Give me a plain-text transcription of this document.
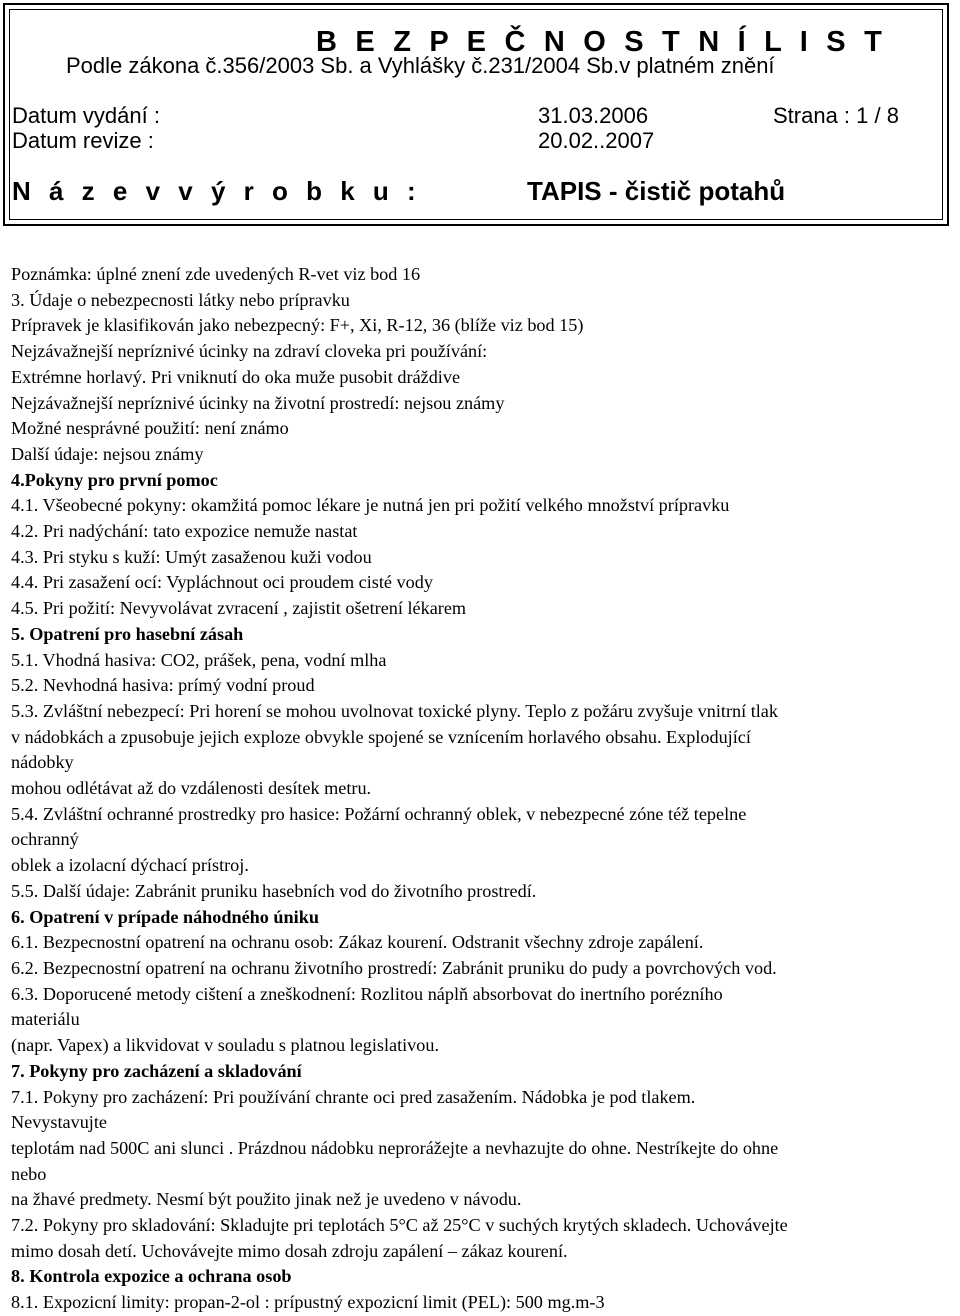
B E Z P E Č N O S T N Í L I S T
Podle zákona č.356/2003 Sb. a Vyhlášky č.231/2004 Sb.v platném znění
Datum vydání :	31.03.2006	Strana : 1 / 8
Datum revize :	20.02..2007
N á z e v v ý r o b k u :	TAPIS - čistič potahů
Poznámka: úplné znení zde uvedených R-vet viz bod 16
3. Údaje o nebezpecnosti látky nebo prípravku
Prípravek je klasifikován jako nebezpecný: F+, Xi, R-12, 36 (blíže viz bod 15)
Nejzávažnejší nepríznivé úcinky na zdraví cloveka pri používání:
Extrémne horlavý. Pri vniknutí do oka muže pusobit dráždive
Nejzávažnejší nepríznivé úcinky na životní prostredí: nejsou známy
Možné nesprávné použití: není známo
Další údaje: nejsou známy
4.Pokyny pro první pomoc
4.1. Všeobecné pokyny: okamžitá pomoc lékare je nutná jen pri požití velkého množství prípravku
4.2. Pri nadýchání: tato expozice nemuže nastat
4.3. Pri styku s kuží: Umýt zasaženou kuži vodou
4.4. Pri zasažení ocí: Vypláchnout oci proudem cisté vody
4.5. Pri požití: Nevyvolávat zvracení , zajistit ošetrení lékarem
5. Opatrení pro hasební zásah
5.1. Vhodná hasiva: CO2, prášek, pena, vodní mlha
5.2. Nevhodná hasiva: prímý vodní proud
5.3. Zvláštní nebezpecí: Pri horení se mohou uvolnovat toxické plyny. Teplo z požáru zvyšuje vnitrní tlak
v nádobkách a zpusobuje jejich exploze obvykle spojené se vznícením horlavého obsahu. Explodující
nádobky
mohou odlétávat až do vzdálenosti desítek metru.
5.4. Zvláštní ochranné prostredky pro hasice: Požární ochranný oblek, v nebezpecné zóne též tepelne
ochranný
oblek a izolacní dýchací prístroj.
5.5. Další údaje: Zabránit pruniku hasebních vod do životního prostredí.
6. Opatrení v prípade náhodného úniku
6.1. Bezpecnostní opatrení na ochranu osob: Zákaz kourení. Odstranit všechny zdroje zapálení.
6.2. Bezpecnostní opatrení na ochranu životního prostredí: Zabránit pruniku do pudy a povrchových vod.
6.3. Doporucené metody cištení a zneškodnení: Rozlitou náplň absorbovat do inertního porézního
materiálu
(napr. Vapex) a likvidovat v souladu s platnou legislativou.
7. Pokyny pro zacházení a skladování
7.1. Pokyny pro zacházení: Pri používání chrante oci pred zasažením. Nádobka je pod tlakem.
Nevystavujte
teplotám nad 500C ani slunci . Prázdnou nádobku neprorážejte a nevhazujte do ohne. Nestríkejte do ohne
nebo
na žhavé predmety. Nesmí být použito jinak než je uvedeno v návodu.
7.2. Pokyny pro skladování: Skladujte pri teplotách 5°C až 25°C v suchých krytých skladech. Uchovávejte
mimo dosah detí. Uchovávejte mimo dosah zdroju zapálení – zákaz kourení.
8. Kontrola expozice a ochrana osob
8.1. Expozicní limity: propan-2-ol : prípustný expozicní limit (PEL): 500 mg.m-3
